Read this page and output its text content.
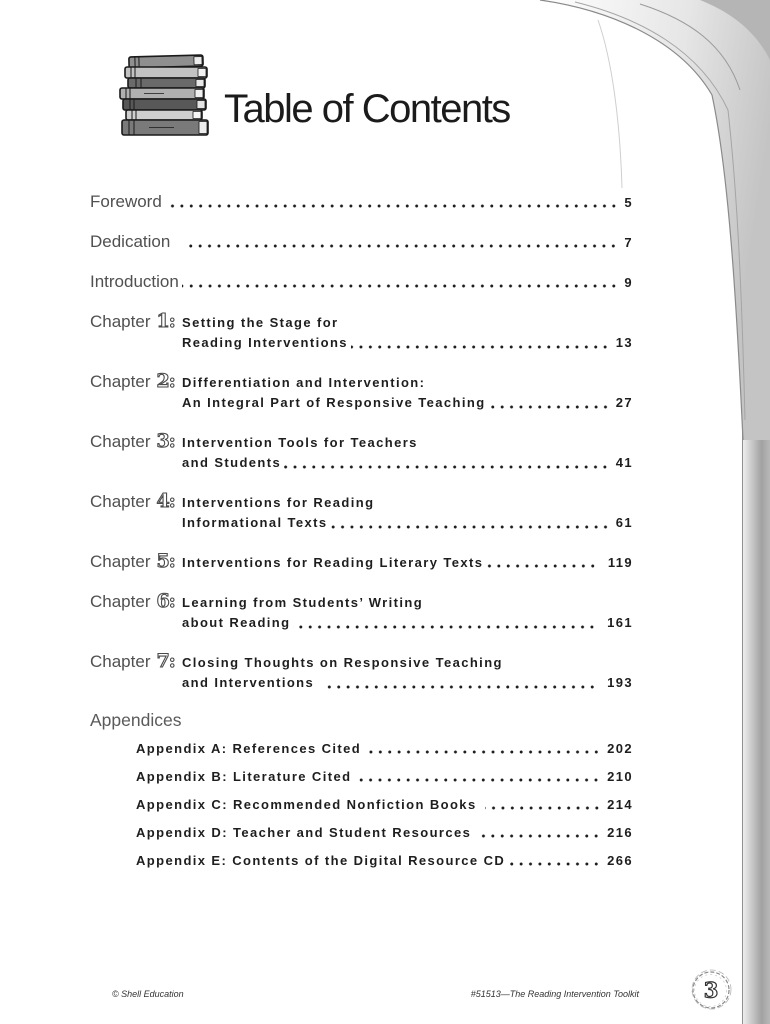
Table of Contents
Foreword	5
Dedication	7
Introduction	9
Chapter 1: Setting the Stage for
Reading Interventions	13
Chapter 2: Differentiation and Intervention:
An Integral Part of Responsive Teaching	27
Chapter 3: Intervention Tools for Teachers
and Students	41
Chapter 4: Interventions for Reading
Informational Texts	61
Chapter 5: Interventions for Reading Literary Texts	119
Chapter 6: Learning from Students’ Writing
about Reading	161
Chapter 7: Closing Thoughts on Responsive Teaching
and Interventions	193
Appendices
Appendix A: References Cited	202
Appendix B: Literature Cited	210
Appendix C: Recommended Nonfiction Books	214
Appendix D: Teacher and Student Resources	216
Appendix E: Contents of the Digital Resource CD	266
© Shell Education	#51513—The Reading Intervention Toolkit	3
